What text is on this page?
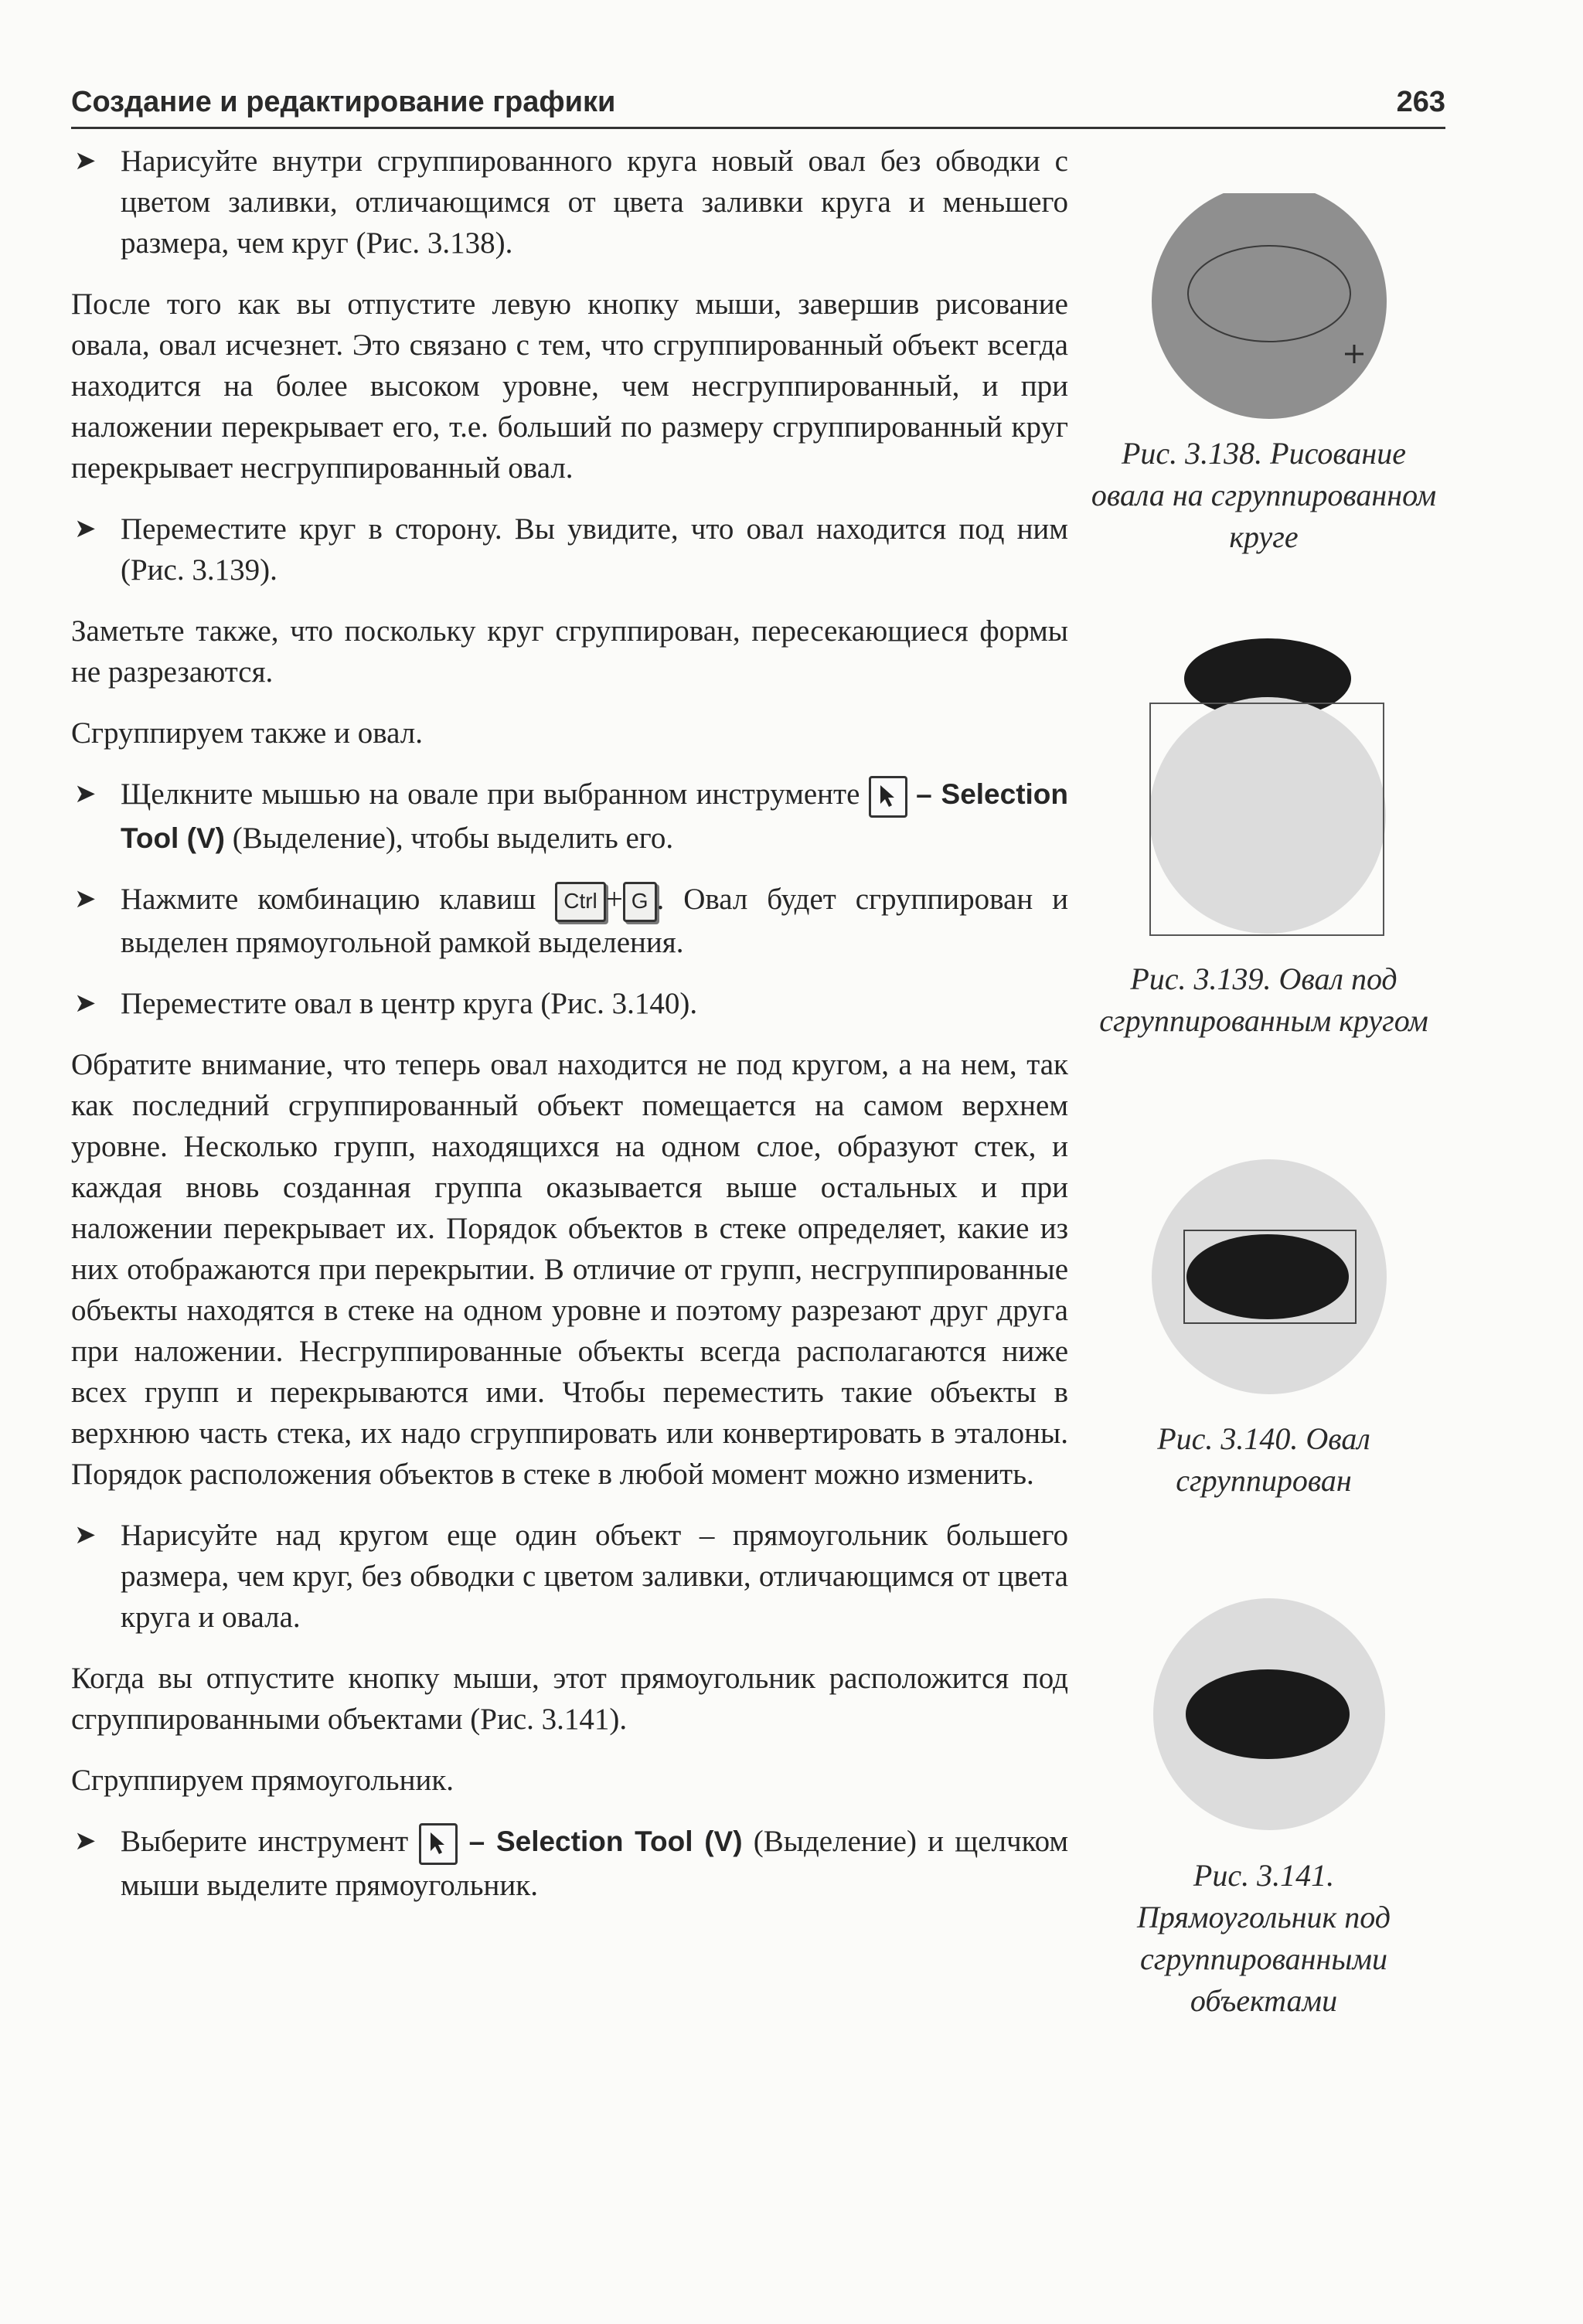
Создание и редактирование графики	263
➤ Нарисуйте внутри сгруппированного круга новый овал без обводки с цветом заливки, отличающимся от цвета заливки круга и меньшего размера, чем круг (Рис. 3.138).

После того как вы отпустите левую кнопку мыши, завершив рисование овала, овал исчезнет. Это связано с тем, что сгруппированный объект всегда находится на более высоком уровне, чем несгруппированный, и при наложении перекрывает его, т.е. больший по размеру сгруппированный круг перекрывает несгруппированный овал.

➤ Переместите круг в сторону. Вы увидите, что овал находится под ним (Рис. 3.139).

Заметьте также, что поскольку круг сгруппирован, пересекающиеся формы не разрезаются.

Сгруппируем также и овал.

➤ Щелкните мышью на овале при выбранном инструменте – Selection Tool (V) (Выделение), чтобы выделить его.
➤ Нажмите комбинацию клавиш Ctrl + G . Овал будет сгруппирован и выделен прямоугольной рамкой выделения.
➤ Переместите овал в центр круга (Рис. 3.140).

Обратите внимание, что теперь овал находится не под кругом, а на нем, так как последний сгруппированный объект помещается на самом верхнем уровне. Несколько групп, находящихся на одном слое, образуют стек, и каждая вновь созданная группа оказывается выше остальных и при наложении перекрывает их. Порядок объектов в стеке определяет, какие из них отображаются при перекрытии. В отличие от групп, несгруппированные объекты находятся в стеке на одном уровне и поэтому разрезают друг друга при наложении. Несгруппированные объекты всегда располагаются ниже всех групп и перекрываются ими. Чтобы переместить такие объекты в верхнюю часть стека, их надо сгруппировать или конвертировать в эталоны. Порядок расположения объектов в стеке в любой момент можно изменить.

➤ Нарисуйте над кругом еще один объект – прямоугольник большего размера, чем круг, без обводки с цветом заливки, отличающимся от цвета круга и овала.

Когда вы отпустите кнопку мыши, этот прямоугольник расположится под сгруппированными объектами (Рис. 3.141).

Сгруппируем прямоугольник.

➤ Выберите инструмент – Selection Tool (V) (Выделение) и щелчком мыши выделите прямоугольник.
Рис. 3.138. Рисование овала на сгруппированном круге
Рис. 3.139. Овал под сгруппированным кругом
Рис. 3.140. Овал сгруппирован
Рис. 3.141. Прямоугольник под сгруппированными объектами
